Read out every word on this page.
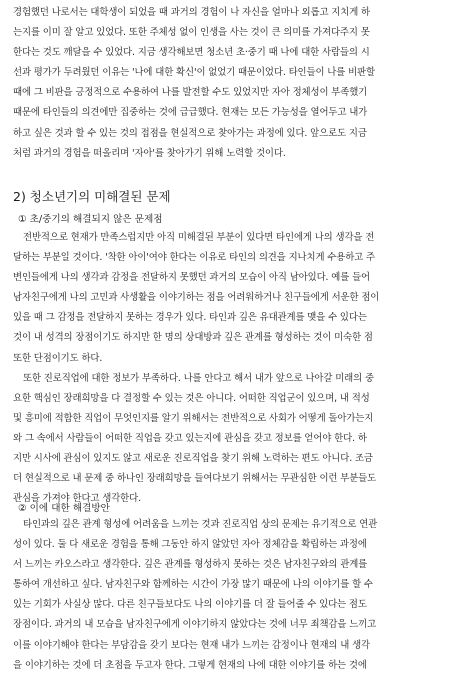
경험했던 나로서는 대학생이 되었을 때 과거의 경험이 나 자신을 얼마나 외롭고 지치게 하
는지를 이미 잘 알고 있었다. 또한 주체성 없이 인생을 사는 것이 큰 의미를 가져다주지 못
한다는 것도 깨달을 수 있었다. 지금 생각해보면 청소년 초·중기 때 나에 대한 사람들의 시
선과 평가가 두려웠던 이유는 '나에 대한 확신'이 없었기 때문이었다. 타인들이 나를 비판할
때에 그 비판을 긍정적으로 수용하여 나를 발전할 수도 있었지만 자아 정체성이 부족했기
때문에 타인들의 의견에만 집중하는 것에 급급했다. 현재는 모든 가능성을 열어두고 내가
하고 싶은 것과 할 수 있는 것의 접점을 현실적으로 찾아가는 과정에 있다. 앞으로도 지금
처럼 과거의 경험을 떠올리며 '자아'를 찾아가기 위해 노력할 것이다.
2) 청소년기의 미해결된 문제
① 초/중기의 해결되지 않은 문제점
전반적으로 현재가 만족스럽지만 아직 미해결된 부분이 있다면 타인에게 나의 생각을 전
달하는 부분일 것이다. '착한 아이'여야 한다는 이유로 타인의 의견을 지나치게 수용하고 주
변인들에게 나의 생각과 감정을 전달하지 못했던 과거의 모습이 아직 남아있다. 예를 들어
남자친구에게 나의 고민과 사생활을 이야기하는 점을 어려워하거나 친구들에게 서운한 점이
있을 때 그 감정을 전달하지 못하는 경우가 있다. 타인과 깊은 유대관계를 맺을 수 있다는
것이 내 성격의 장점이기도 하지만 한 명의 상대방과 깊은 관계를 형성하는 것이 미숙한 점
또한 단점이기도 하다.
또한 진로직업에 대한 정보가 부족하다. 나를 안다고 해서 내가 앞으로 나아갈 미래의 중
요한 핵심인 장래희망을 다 결정할 수 있는 것은 아니다. 어떠한 직업군이 있으며, 내 적성
및 흥미에 적합한 직업이 무엇인지를 알기 위해서는 전반적으로 사회가 어떻게 돌아가는지
와 그 속에서 사람들이 어떠한 직업을 갖고 있는지에 관심을 갖고 정보를 얻어야 한다. 하
지만 시사에 관심이 있지도 않고 새로운 진로직업을 찾기 위해 노력하는 편도 아니다. 조금
더 현실적으로 내 문제 중 하나인 장래희망을 들여다보기 위해서는 무관심한 이런 부분들도
관심을 가져야 한다고 생각한다.
② 이에 대한 해결방안
타인과의 깊은 관계 형성에 어려움을 느끼는 것과 진로직업 상의 문제는 유기적으로 연관
성이 있다. 둘 다 새로운 경험을 통해 그동안 하지 않았던 자아 정체감을 확립하는 과정에
서 느끼는 카오스라고 생각한다. 깊은 관계를 형성하지 못하는 것은 남자친구와의 관계를
통하여 개선하고 싶다. 남자친구와 함께하는 시간이 가장 많기 때문에 나의 이야기를 할 수
있는 기회가 사실상 많다. 다른 친구들보다도 나의 이야기를 더 잘 들어줄 수 있다는 점도
장점이다. 과거의 내 모습을 남자친구에게 이야기하지 않았다는 것에 너무 죄책감을 느끼고
이를 이야기해야 한다는 부담감을 갖기 보다는 현재 내가 느끼는 감정이나 현재의 내 생각
을 이야기하는 것에 더 초점을 두고자 한다. 그렇게 현재의 나에 대한 이야기를 하는 것에
